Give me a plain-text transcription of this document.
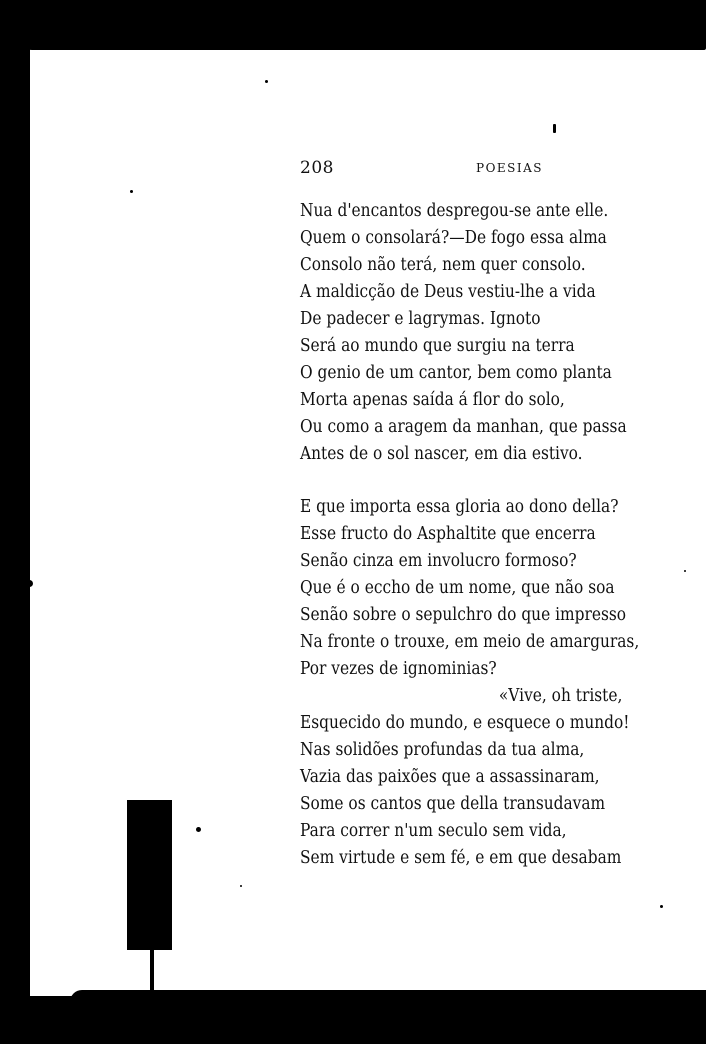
208	POESIAS
Nua d'encantos despregou-se ante elle.
Quem o consolará?—De fogo essa alma
Consolo não terá, nem quer consolo.
A maldicção de Deus vestiu-lhe a vida
De padecer e lagrymas. Ignoto
Será ao mundo que surgiu na terra
O genio de um cantor, bem como planta
Morta apenas saída á flor do solo,
Ou como a aragem da manhan, que passa
Antes de o sol nascer, em dia estivo.
E que importa essa gloria ao dono della?
Esse fructo do Asphaltite que encerra
Senão cinza em involucro formoso?
Que é o eccho de um nome, que não soa
Senão sobre o sepulchro do que impresso
Na fronte o trouxe, em meio de amarguras,
Por vezes de ignominias?
«Vive, oh triste,
Esquecido do mundo, e esquece o mundo!
Nas solidões profundas da tua alma,
Vazia das paixões que a assassinaram,
Some os cantos que della transudavam
Para correr n'um seculo sem vida,
Sem virtude e sem fé, e em que desabam
